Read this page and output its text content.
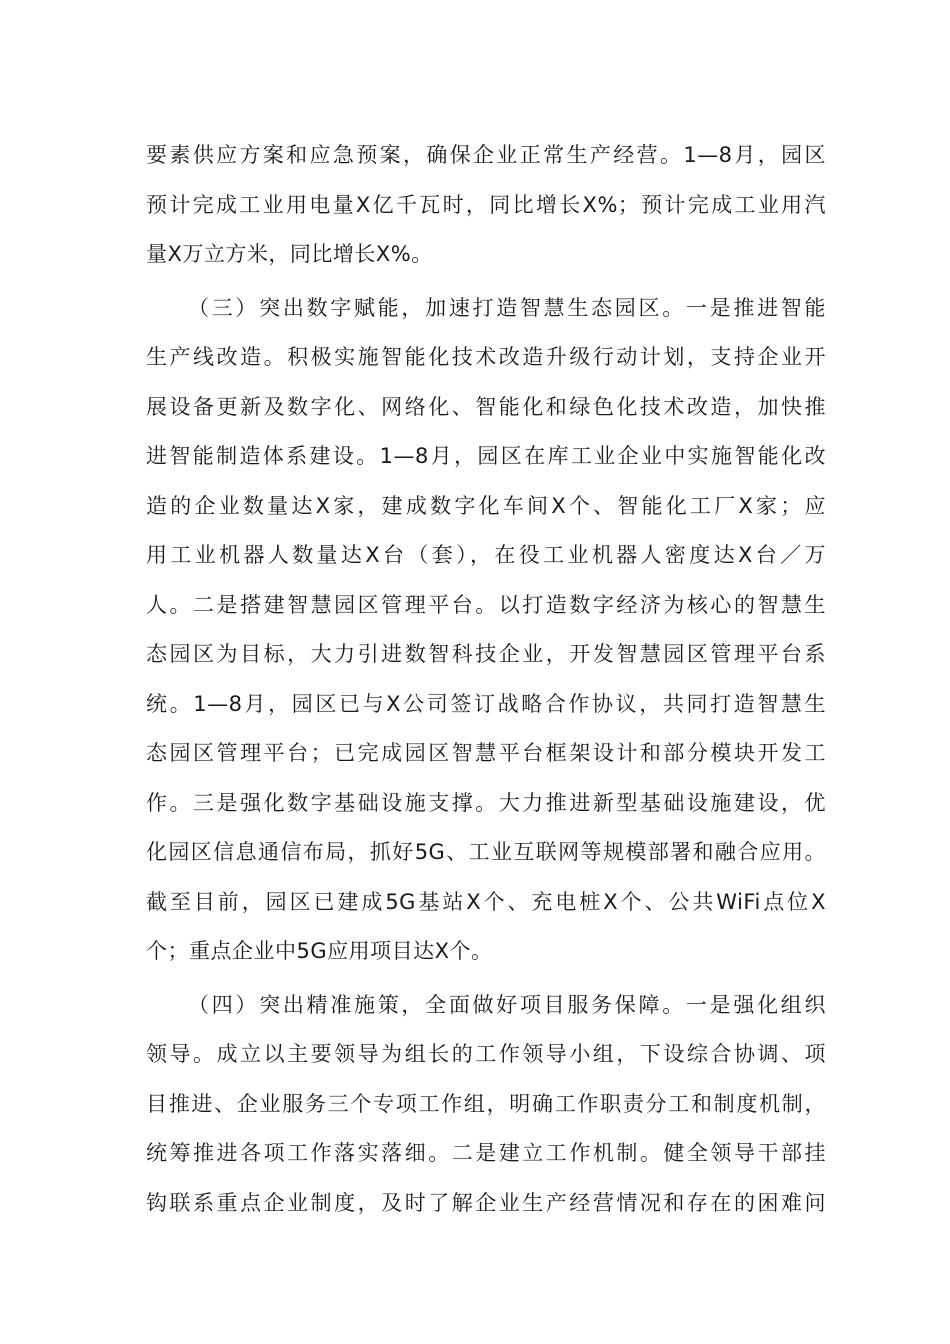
要素供应方案和应急预案，确保企业正常生产经营。1—8月，园区
预计完成工业用电量X亿千瓦时，同比增长X%；预计完成工业用汽
量X万立方米，同比增长X%。
（三）突出数字赋能，加速打造智慧生态园区。一是推进智能
生产线改造。积极实施智能化技术改造升级行动计划，支持企业开
展设备更新及数字化、网络化、智能化和绿色化技术改造，加快推
进智能制造体系建设。1—8月，园区在库工业企业中实施智能化改
造的企业数量达X家，建成数字化车间X个、智能化工厂X家；应
用工业机器人数量达X台（套），在役工业机器人密度达X台／万
人。二是搭建智慧园区管理平台。以打造数字经济为核心的智慧生
态园区为目标，大力引进数智科技企业，开发智慧园区管理平台系
统。1—8月，园区已与X公司签订战略合作协议，共同打造智慧生
态园区管理平台；已完成园区智慧平台框架设计和部分模块开发工
作。三是强化数字基础设施支撑。大力推进新型基础设施建设，优
化园区信息通信布局，抓好5G、工业互联网等规模部署和融合应用。
截至目前，园区已建成5G基站X个、充电桩X个、公共WiFi点位X
个；重点企业中5G应用项目达X个。
（四）突出精准施策，全面做好项目服务保障。一是强化组织
领导。成立以主要领导为组长的工作领导小组，下设综合协调、项
目推进、企业服务三个专项工作组，明确工作职责分工和制度机制，
统筹推进各项工作落实落细。二是建立工作机制。健全领导干部挂
钩联系重点企业制度，及时了解企业生产经营情况和存在的困难问
